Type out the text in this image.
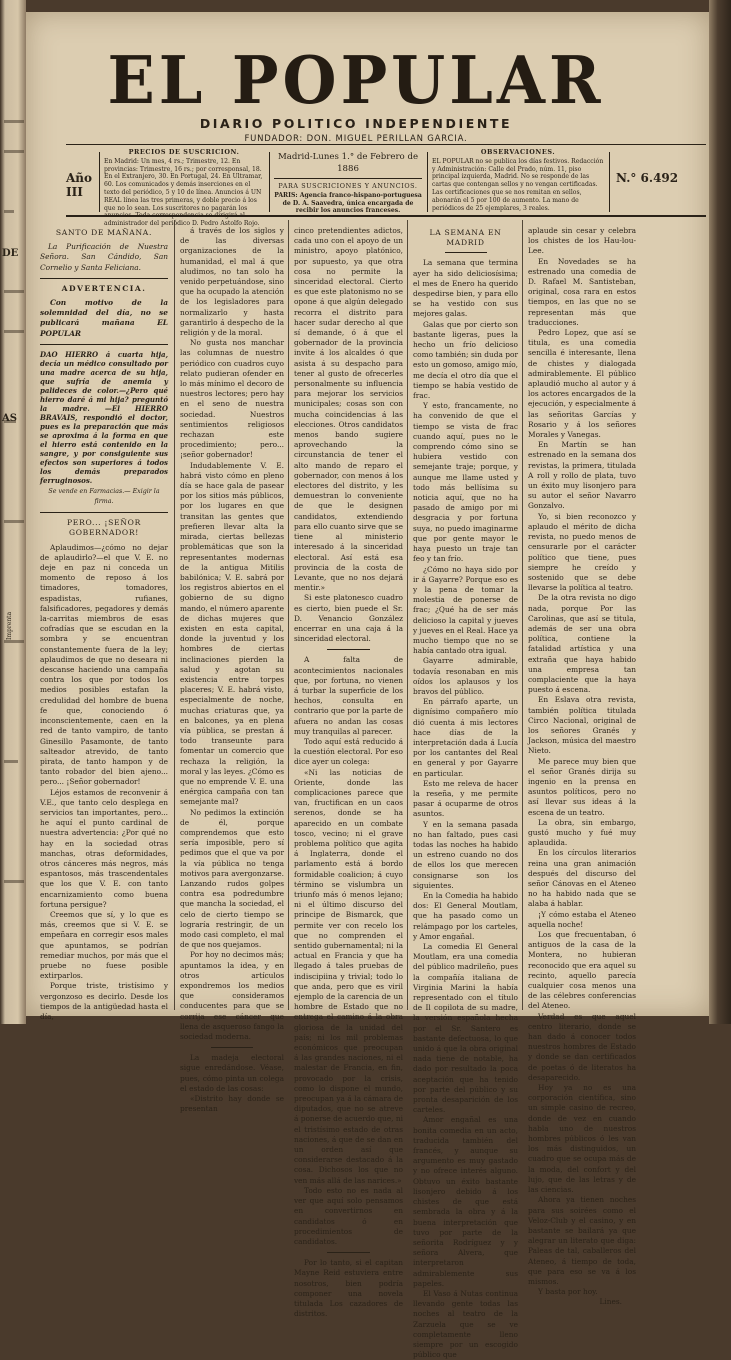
DE
AS
Imprenta
EL POPULAR
DIARIO POLITICO INDEPENDIENTE
FUNDADOR: DON. MIGUEL PERILLAN GARCIA.
Año III
PRECIOS DE SUSCRICION.
En Madrid: Un mes, 4 rs.; Trimestre, 12. En provincias: Trimestre, 16 rs.; por corresponsal, 18. En el Extranjero, 30. En Portugal, 24. En Ultramar, 60. Los comunicados y demás inserciones en el texto del periódico, 5 y 10 de línea. Anuncios á UN REAL línea las tres primeras, y doble precio á los que no lo sean. Los suscritores no pagarán los anuncios. Toda correspondencia se dirigirá al administrador del periódico D. Pedro Astolfo Rojo.
Madrid-Lunes 1.° de Febrero de 1886
PARA SUSCRICIONES Y ANUNCIOS.
PARIS: Agencia franco-hispano-portuguesa de D. A. Saavedra, única encargada de recibir los anuncios franceses.
OBSERVACIONES.
EL POPULAR no se publica los días festivos. Redacción y Administración: Calle del Prado, núm. 11, piso principal izquierda, Madrid. No se responde de las cartas que contengan sellos y no vengan certificadas. Las certificaciones que se nos remitan en sellos, abonarán el 5 por 100 de aumento. La mano de periódicos de 25 ejemplares, 3 reales.
N.° 6.492
SANTO DE MAÑANA.

La Purificación de Nuestra Señora. San Cándido, San Cornelio y Santa Feliciana.

ADVERTENCIA.

Con motivo de la solemnidad del día, no se publicará mañana EL POPULAR

DAO HIERRO á cuarta hija, decía un médico consultado por una madre acerca de su hija, que sufría de anemia y palideces de color.—¿Pero qué hierro daré á mi hija? preguntó la madre. —El HIERRO BRAVAIS, respondió el doctor, pues es la preparación que más se aproxima á la forma en que el hierro está contenido en la sangre, y por consiguiente sus efectos son superiores á todos los demás preparados ferruginosos.

Se vende en Farmacias.— Exigir la firma.
PERO... ¡SEÑOR GOBERNADOR!

Aplaudimos—¿cómo no dejar de aplaudirlo?—el que V. E. no deje en paz ni conceda un momento de reposo á los timadores, tomadores, espadistas, rufianes, falsificadores, pegadores y demás la-carritas miembros de esas cofradías que se escudan en la sombra y se encuentran constantemente fuera de la ley; aplaudimos de que no deseara ni descanse haciendo una campaña contra los que por todos los medios posibles estafan la credulidad del hombre de buena fe que, conociendo ó inconscientemente, caen en la red de tanto vampiro, de tanto Ginesillo Pasamonte, de tanto salteador atrevido, de tanto pirata, de tanto hampon y de tanto robador del bien ajeno... pero... ¡Señor gobernador!

Léjos estamos de reconvenir á V.E., que tanto celo desplega en servicios tan importantes, pero... he aquí el punto cardinal de nuestra advertencia: ¿Por qué no hay en la sociedad otras manchas, otras deformidades, otros cánceres más negros, más espantosos, más trascendentales que los que V. E. con tanto encarnizamiento como buena fortuna persigue?

Creemos que sí, y lo que es más, creemos que si V. E. se empeñara en corregir esos males que apuntamos, se podrían remediar muchos, por más que el pruebe no fuese posible extirparlos.

Porque triste, tristísimo y vergonzoso es decirlo. Desde los tiempos de la antigüedad hasta el día,

á través de los siglos y de las diversas organizaciones de la humanidad, el mal á que aludimos, no tan solo ha venido perpetuándose, sino que ha ocupado la atención de los legisladores para normalizarlo y hasta garantirlo á despecho de la religión y de la moral.

No gusta nos manchar las columnas de nuestro periódico con cuadros cuyo relato pudieran ofender en lo más mínimo el decoro de nuestros lectores; pero hay en el seno de nuestra sociedad. Nuestros sentimientos religiosos rechazan este procedimiento; pero... ¡señor gobernador!

Indudablemente V. E. habrá visto cómo en pleno día se hace gala de pasear por los sitios más públicos, por los lugares en que transitan las gentes que prefieren llevar alta la mirada, ciertas bellezas problemáticas que son la representantes modernas de la antigua Mitilis babilónica; V. E. sabrá por los registros abiertos en el gobierno de su digno mando, el número aparente de dichas mujeres que existen en esta capital, donde la juventud y los hombres de ciertas inclinaciones pierden la salud y agotan su existencia entre torpes placeres; V. E. habrá visto, especialmente de noche, muchas criaturas que, ya en balcones, ya en plena vía pública, se prestan á todo transeunte para fomentar un comercio que rechaza la religión, la moral y las leyes. ¿Cómo es que no emprende V. E. una enérgica campaña con tan semejante mal?

No pedimos la extinción de él, porque comprendemos que esto sería imposible, pero sí pedimos que el que va por la vía pública no tenga motivos para avergonzarse. Lanzando rudos golpes contra esa podredumbre que mancha la sociedad, el celo de cierto tiempo se lograría restringir, de un modo casi completo, el mal de que nos quejamos.

Por hoy no decimos más; apuntamos la idea, y en otros artículos expondremos los medios que consideramos conducentes para que se corrija ese cáncer que llena de asqueroso fango la sociedad moderna.

La madeja electoral sigue enredándose. Véase, pues, cómo pinta un colega el estado de las cosas:

«Distrito hay donde se presentan

cinco pretendientes adictos, cada uno con el apoyo de un ministro, apoyo platónico, por supuesto, ya que otra cosa no permite la sinceridad electoral. Cierto es que este platonismo no se opone á que algún delegado recorra el distrito para hacer sudar derecho al que sí demande, ó á que el gobernador de la provincia invite á los alcaldes ó que asista á su despacho para tener al gusto de ofrecerles personalmente su influencia para mejorar los servicios municipales; cosas son con mucha coincidencias á las elecciones. Otros candidatos menos bando sugiere aprovechando la circunstancia de tener el alto mando de reparo el gobernador, con menos á los electores del distrito, y les demuestran lo conveniente de que le designen candidatos, extendiendo para ello cuanto sirve que se tiene al ministerio interesado á la sinceridad electoral. Así está esa provincia de la costa de Levante, que no nos dejará mentir.»

Si este platonesco cuadro es cierto, bien puede el Sr. D. Venancio González encerrar en una caja á la sinceridad electoral.

A falta de acontecimientos nacionales que, por fortuna, no vienen á turbar la superficie de los hechos, consulta en contrario que por la parte de afuera no andan las cosas muy tranquilas al parecer.

Todo aquí está reducido á la cuestión electoral. Por eso dice ayer un colega:

«Ni las noticias de Oriente, donde las complicaciones parece que van, fructifican en un caos serenos, donde se ha aparecido en un combate tosco, vecino; ni el grave problema político que agita á Inglaterra, donde el parlamento está á bordo formidable coalicion; á cuyo término se vislumbra un triunfo más ó menos lejano; ni el último discurso del principe de Bismarck, que permite ver con recelo los que no comprenden el sentido gubernamental; ni la actual en Francia y que ha llegado á tales pruebas de indiscipiina y trivial; todo lo que anda, pero que es viril ejemplo de la carencia de un hombre de Estado que no entrega el camino á la obra gloriosa de la unidad del país; ni los mil problemas económicos que preocupan á las grandes naciones, ni el malestar de Francia, en fin, provocado por la crisis, como lo dispone el mundo, preocupan ya á la cámara de diputados, que no se atreve á ponerse de acuerdo que, ni el tristísimo estado de otras naciones, á que de se dan en un orden así que considerarse destacado á la cosa. Dichosos los que no ven más allá de las narices.»

Todo esto no es nada al ver que aquí solo pensamos en convertirnos en candidatos ó en procedimientos de candidatos.

Por lo tanto, si el capitan Mayne Reid estuviera entre nosotros, bien podría componer una novela titulada Los cazadores de distritos.

LA SEMANA EN MADRID

La semana que termina ayer ha sido deliciosísima; el mes de Enero ha querido despedirse bien, y para ello se ha vestido con sus mejores galas.

Galas que por cierto son bastante ligeras, pues la hecho un frío delicioso como también; sin duda por esto un gomoso, amigo mío, me decía el otro día que el tiempo se había vestido de frac.

Y esto, francamente, no ha convenido de que el tiempo se vista de frac cuando aquí, pues no le comprendo cómo sino se hubiera vestido con semejante traje; porque, y aunque me llame usted y todo más bellísima su noticia aquí, que no ha pasado de amigo por mi desgracia y por fortuna suya, no puedo imaginarme que por gente mayor le haya puesto un traje tan feo y tan frío.

¿Cómo no haya sido por ir á Gayarre? Porque eso es y la pena de tomar la molestia de ponerse de frac; ¿Qué ha de ser más delicioso la capital y jueves y jueves en el Real. Hace ya mucho tiempo que no se había cantado otra igual.

Gayarre admirable, todavía resonaban en mis oídos los aplausos y los bravos del público.

En párrafo aparte, un dignísimo compañero mío dió cuenta á mis lectores hace días de la interpretación dada á Lucía por los cantantes del Real en general y por Gayarre en particular.

Esto me releva de hacer la reseña, y me permite pasar á ocuparme de otros asuntos.

Y en la semana pasada no han faltado, pues casi todas las noches ha habido un estreno cuando no dos de ellos los que merecen consignarse son los siguientes.

En la Comedia ha habido dos: El General Moutlam, que ha pasado como un relámpago por los carteles, y Amor engañal.

La comedia El General Moutlam, era una comedia del público madrileño, pues la compañía italiana de Virginia Marini la había representado con el título de Il copilota de su madre, la versión española hecha por el Sr. Santero es bastante defectuosa, lo que unido á que la obra original nada tiene de notable, ha dado por resultado la poca aceptación que ha tenido por parte del público y su pronta desaparición de los carteles.

Amor engañal es una bonita comedia en un acto, traducida también del francés, y aunque su argumento es muy gastado y no ofrece interés alguno. Obtuvo un éxito bastante lisonjero debido á los chistes de que está sembrada la obra y á la buena interpretación que tuvo por parte de la señorita Rodríguez y y señora Alvera, que interpretaron admirablemente sus papeles.

El Vaso á Nutas continua llevando gente todas las noches al teatro de la Zarzuela que se ve completamente lleno siempre por un escogido público que

aplaude sin cesar y celebra los chistes de los Hau-lou-Lee.

En Novedades se ha estrenado una comedia de D. Rafael M. Santisteban, original, cosa rara en estos tiempos, en las que no se representan más que traducciones.

Pedro Lopez, que así se titula, es una comedia sencilla é interesante, llena de chistes y dialogada admirablemente. El público aplaudió mucho al autor y á los actores encargados de la ejecución, y especialmente á las señoritas Garcías y Rosario y á los señores Morales y Vanegas.

En Martín se han estrenado en la semana dos revistas, la primera, titulada A roll y rollo de plata, tuvo un éxito muy lisonjero para su autor el señor Navarro Gonzalvo.

Yo, si bien reconozco y aplaudo el mérito de dicha revista, no puedo menos de censurarle por el carácter político que tiene, pues siempre he creído y sostenido que se debe llevarse la política al teatro.

De la otra revista no digo nada, porque Por las Carolinas, que así se titula, además de ser una obra política, contiene la fatalidad artística y una extraña que haya habido una empresa tan complaciente que la haya puesto á escena.

En Eslava otra revista, también política titulada Circo Nacional, original de los señores Granés y Jackson, música del maestro Nieto.

Me parece muy bien que el señor Granés dirija su ingenio en la prensa en asuntos políticos, pero no así llevar sus ideas á la escena de un teatro.

La obra, sin embargo, gustó mucho y fué muy aplaudida.

En los círculos literarios reina una gran animación después del discurso del señor Cánovas en el Ateneo no ha habido nada que se alaba á hablar.

¡Y cómo estaba el Ateneo aquella noche!

Los que frecuentaban, ó antiguos de la casa de la Montera, no hubieran reconocido que era aquel su recinto, aquello parecía cualquier cosa menos una de las célebres conferencias del Ateneo.

Verdad es que aquel centro literario, donde se han dado á conocer todos nuestros hombres de Estado y donde se dan certificados de poetas ó de literatos ha desaparecido.

Hoy ya no es una corporación científica, sino un simple casino de recreo, donde de vez en cuando habla uno de nuestros hombres públicos ó les van los más distinguidos, un cuadro que se ocupa más de la moda, del confort y del lujo, que de las letras y de las ciencias.

Ahora ya tienen noches para sus soirées como el Veloz-Club y el casino, y en bastante se bailará ya que alegrar un literato que diga: Paleas de tal, caballeros del Ateneo, á tiempo de toda, que para eso se va á los mismos.

Y basta por hoy.

Lines.
